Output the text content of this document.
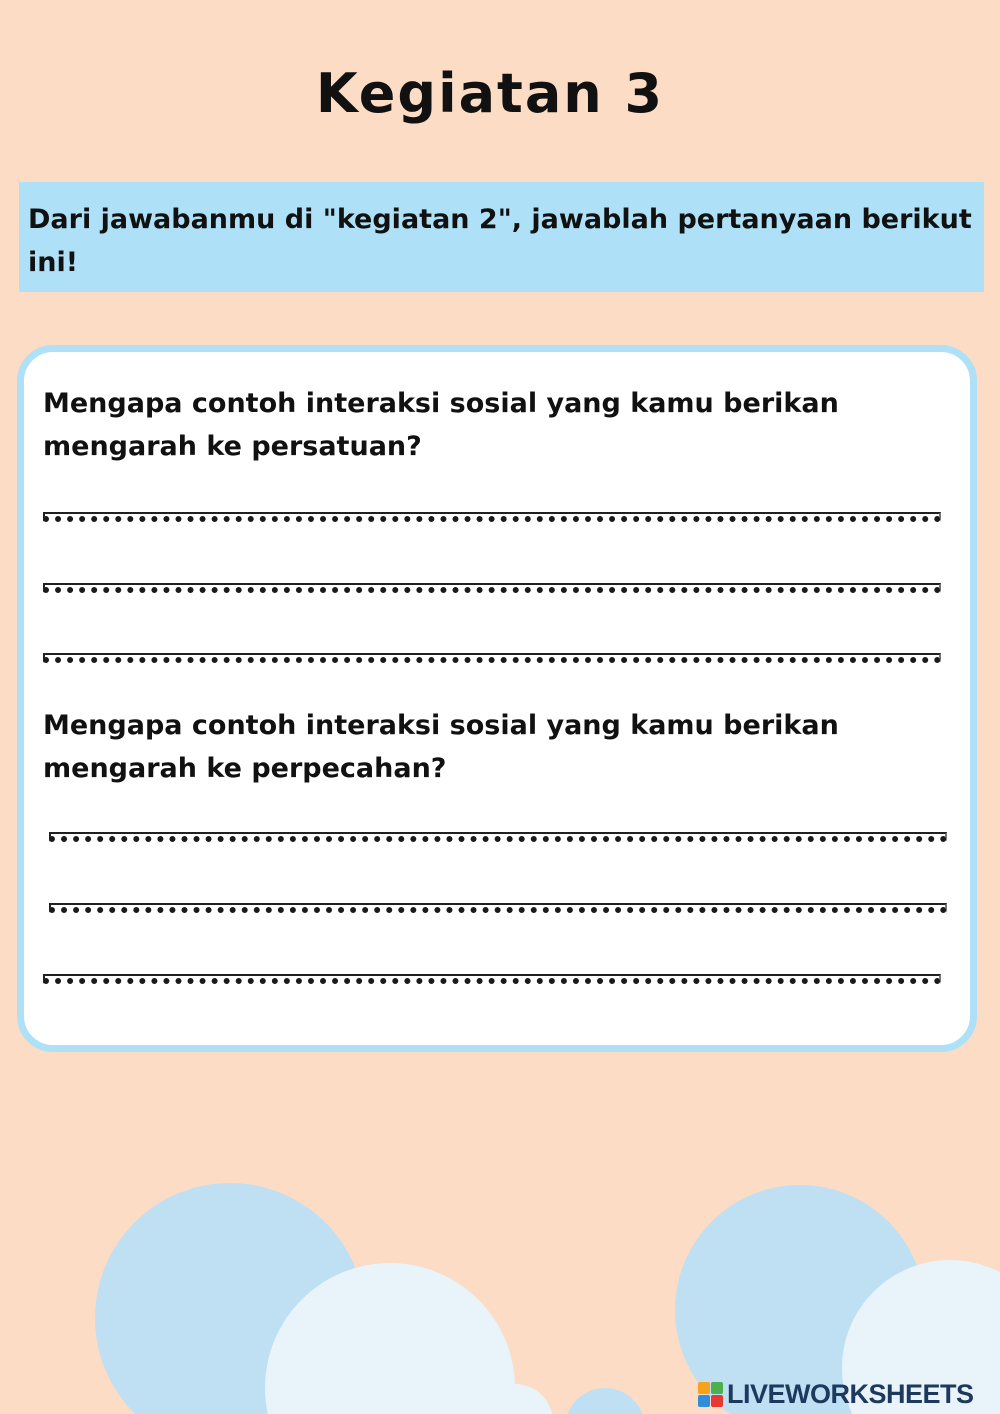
Kegiatan 3
Dari jawabanmu di "kegiatan 2", jawablah pertanyaan berikut ini!

Mengapa contoh interaksi sosial yang kamu berikan mengarah ke persatuan?

Mengapa contoh interaksi sosial yang kamu berikan mengarah ke perpecahan?

LIVEWORKSHEETS
